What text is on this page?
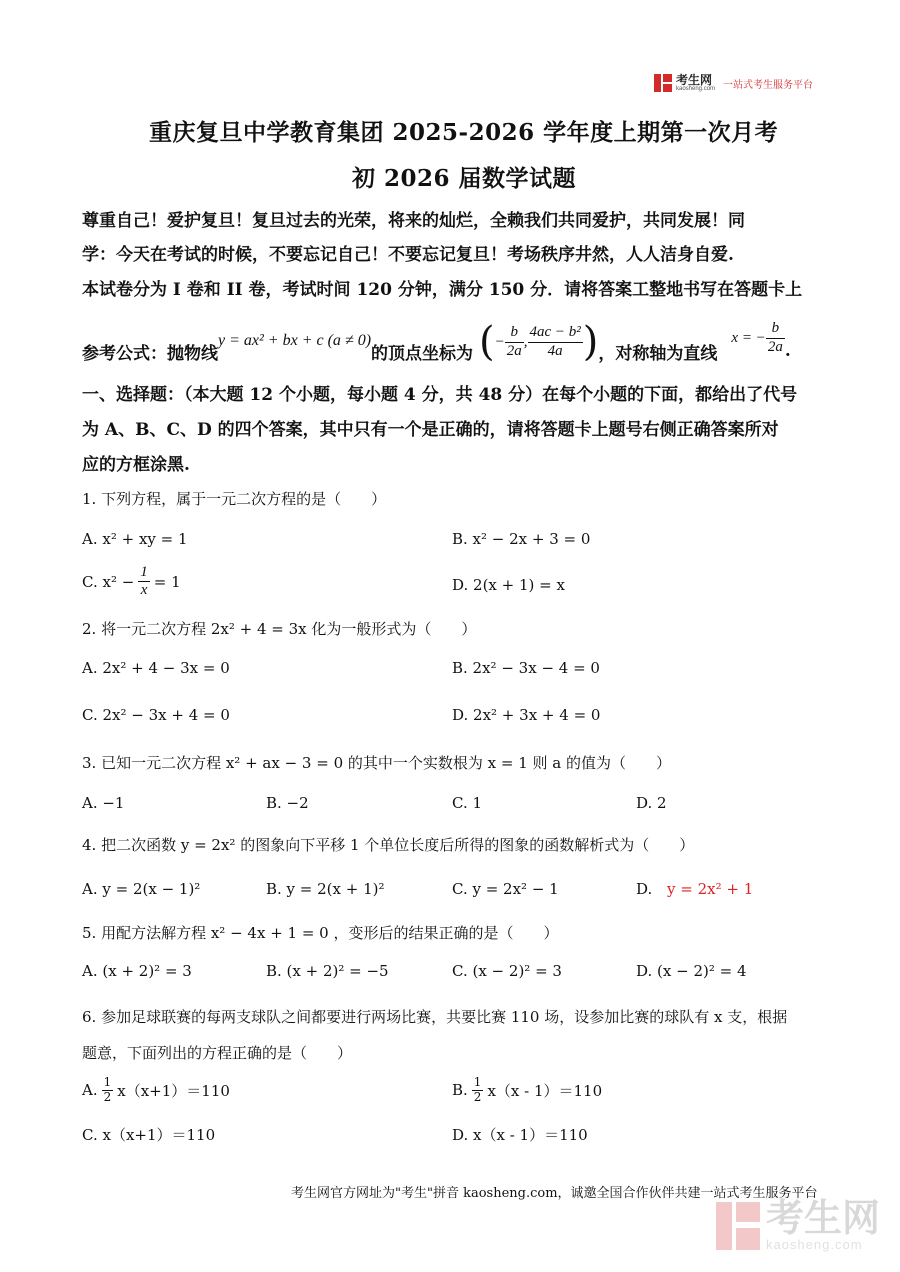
考生网
kaosheng.com 一站式考生服务平台
重庆复旦中学教育集团 2025-2026 学年度上期第一次月考
初 2026 届数学试题
尊重自己！爱护复旦！复旦过去的光荣，将来的灿烂，全赖我们共同爱护，共同发展！同
学：今天在考试的时候，不要忘记自己！不要忘记复旦！考场秩序井然，人人洁身自爱.
本试卷分为 I 卷和 II 卷，考试时间 120 分钟，满分 150 分．请将答案工整地书写在答题卡上
参考公式：抛物线
y = ax² + bx + c (a ≠ 0)
的顶点坐标为 ( − $\frac{b}{2a}$ , $\frac{\text{4ac − b²}}{4a}$ ) ，对称轴为直线
x = − $\frac{b}{2a}$ .
一、选择题：（本大题 12 个小题，每小题 4 分，共 48 分）在每个小题的下面，都给出了代号
为 A、B、C、D 的四个答案，其中只有一个是正确的，请将答题卡上题号右侧正确答案所对
应的方框涂黑.
1. 下列方程，属于一元二次方程的是（　　）
A. x² + xy = 1	B. x² − 2x + 3 = 0
C. $x^2 - \frac{1}{x} = 1$	D. 2(x + 1) = x
2. 将一元二次方程 2x² + 4 = 3x 化为一般形式为（　　）
A. 2x² + 4 − 3x = 0	B. 2x² − 3x − 4 = 0
C. 2x² − 3x + 4 = 0	D. 2x² + 3x + 4 = 0
3. 已知一元二次方程 x² + ax − 3 = 0 的其中一个实数根为 x = 1 则 a 的值为（　　）
A. −1	B. −2	C. 1	D. 2
4. 把二次函数 y = 2x² 的图象向下平移 1 个单位长度后所得的图象的函数解析式为（　　）
A. y = 2(x − 1)²	B. y = 2(x + 1)²	C. y = 2x² − 1	D. y = 2x² + 1
5. 用配方法解方程 x² − 4x + 1 = 0 ，变形后的结果正确的是（　　）
A. (x + 2)² = 3	B. (x + 2)² = −5	C. (x − 2)² = 3	D. (x − 2)² = 4
6. 参加足球联赛的每两支球队之间都要进行两场比赛，共要比赛 110 场，设参加比赛的球队有 x 支，根据
题意，下面列出的方程正确的是（　　）
A. $\frac{1}{2} x(x+1)=110$	B. $\frac{1}{2} x(x - 1)=110$
C. x（x+1）＝110	D. x（x - 1）＝110
考生网官方网址为"考生"拼音 kaosheng.com，诚邀全国合作伙伴共建一站式考生服务平台
考生网
kaosheng.com
